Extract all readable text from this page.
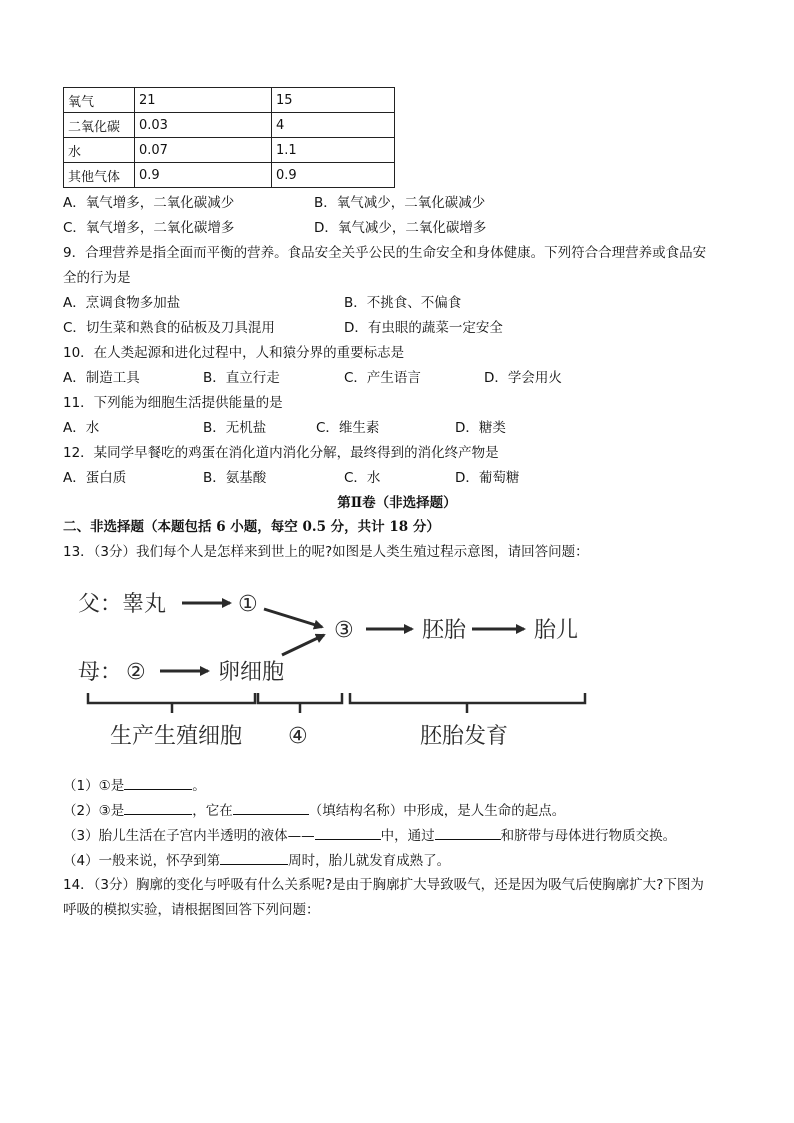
氧气	21	15
二氧化碳	0.03	4
水	0.07	1.1
其他气体	0.9	0.9
A．氧气增多，二氧化碳减少	B．氧气减少，二氧化碳减少
C．氧气增多，二氧化碳增多	D．氧气减少，二氧化碳增多
9．合理营养是指全面而平衡的营养。食品安全关乎公民的生命安全和身体健康。下列符合合理营养或食品安
全的行为是
A．烹调食物多加盐	B．不挑食、不偏食
C．切生菜和熟食的砧板及刀具混用	D．有虫眼的蔬菜一定安全
10．在人类起源和进化过程中，人和猿分界的重要标志是
A．制造工具	B．直立行走	C．产生语言	D．学会用火
11．下列能为细胞生活提供能量的是
A．水	B．无机盐	C．维生素	D．糖类
12．某同学早餐吃的鸡蛋在消化道内消化分解，最终得到的消化终产物是
A．蛋白质	B．氨基酸	C．水	D．葡萄糖
第Ⅱ卷（非选择题）
二、非选择题（本题包括 6 小题，每空 0.5 分，共计 18 分）
13．（3分）我们每个人是怎样来到世上的呢?如图是人类生殖过程示意图，请回答问题：
父：睾丸	①
③	胚胎	胎儿
母： ②	卵细胞
生产生殖细胞 ④	胚胎发育
（1）①是	。
（2）③是	，它在	（填结构名称）中形成，是人生命的起点。
（3）胎儿生活在子宫内半透明的液体——	中，通过	和脐带与母体进行物质交换。
（4）一般来说，怀孕到第	周时，胎儿就发育成熟了。
14．（3分）胸廓的变化与呼吸有什么关系呢?是由于胸廓扩大导致吸气，还是因为吸气后使胸廓扩大?下图为
呼吸的模拟实验，请根据图回答下列问题：
